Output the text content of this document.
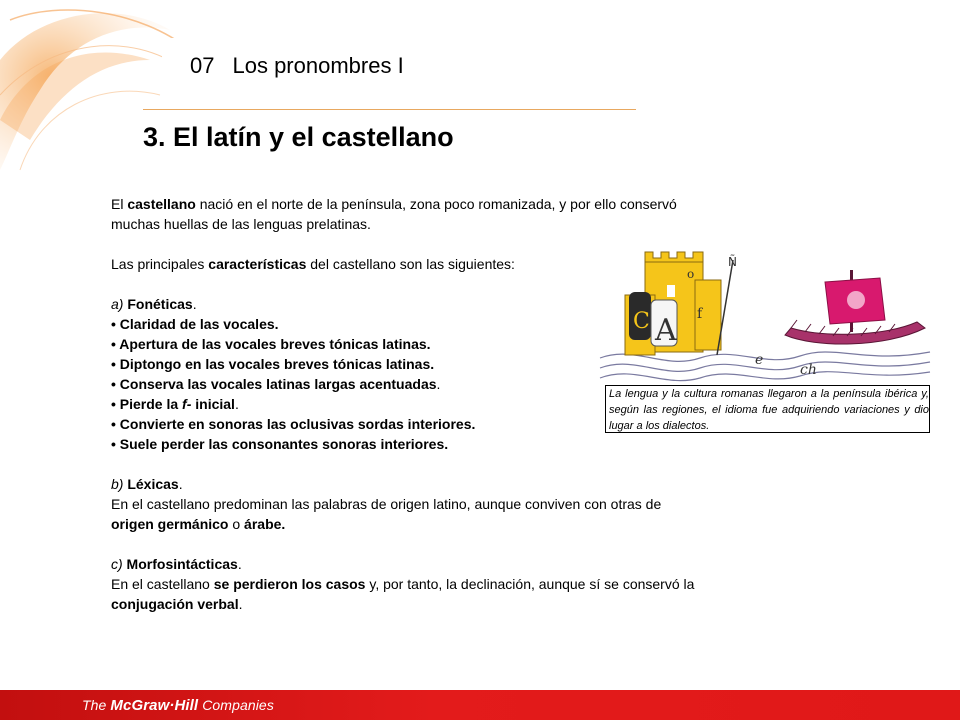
07 Los pronombres I
3. El latín y el castellano

El castellano nació en el norte de la península, zona poco romanizada, y por ello conservó muchas huellas de las lenguas prelatinas.

Las principales características del castellano son las siguientes:

a) Fonéticas.

• Claridad de las vocales.

• Apertura de las vocales breves tónicas latinas.

• Diptongo en las vocales breves tónicas latinas.

• Conserva las vocales latinas largas acentuadas.

• Pierde la f- inicial.

• Convierte en sonoras las oclusivas sordas interiores.

• Suele perder las consonantes sonoras interiores.

b) Léxicas.

En el castellano predominan las palabras de origen latino, aunque conviven con otras de origen germánico o árabe.

c) Morfosintácticas.

En el castellano se perdieron los casos y, por tanto, la declinación, aunque sí se conservó la conjugación verbal.

C A
o
f
Ñ
e
ch
La lengua y la cultura romanas llegaron a la península ibérica y, según las regiones, el idioma fue adquiriendo variaciones y dio lugar a los dialectos.
The McGraw·Hill Companies
